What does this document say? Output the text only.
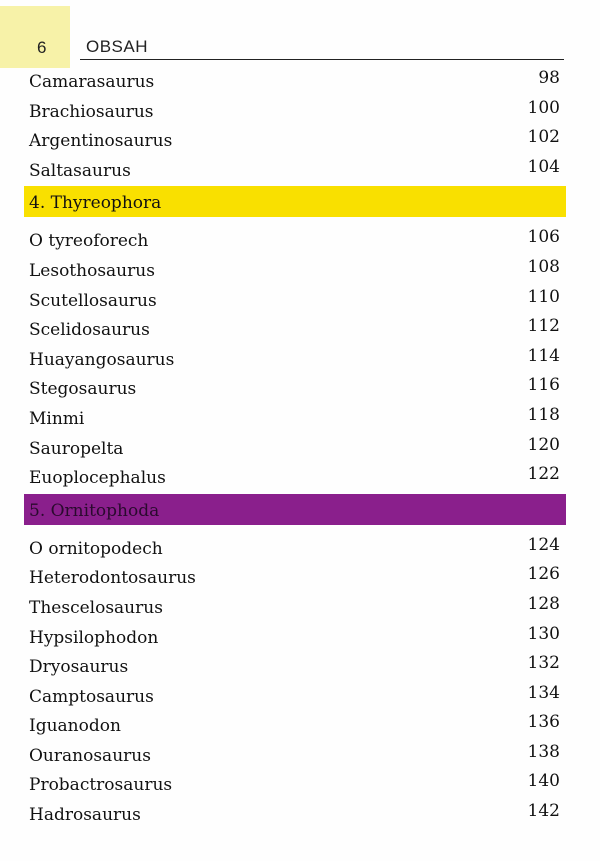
6 OBSAH
Camarasaurus	98
Brachiosaurus	100
Argentinosaurus	102
Saltasaurus	104
4. Thyreophora
O tyreoforech	106
Lesothosaurus	108
Scutellosaurus	110
Scelidosaurus	112
Huayangosaurus	114
Stegosaurus	116
Minmi	118
Sauropelta	120
Euoplocephalus	122
5. Ornitophoda
O ornitopodech	124
Heterodontosaurus	126
Thescelosaurus	128
Hypsilophodon	130
Dryosaurus	132
Camptosaurus	134
Iguanodon	136
Ouranosaurus	138
Probactrosaurus	140
Hadrosaurus	142
